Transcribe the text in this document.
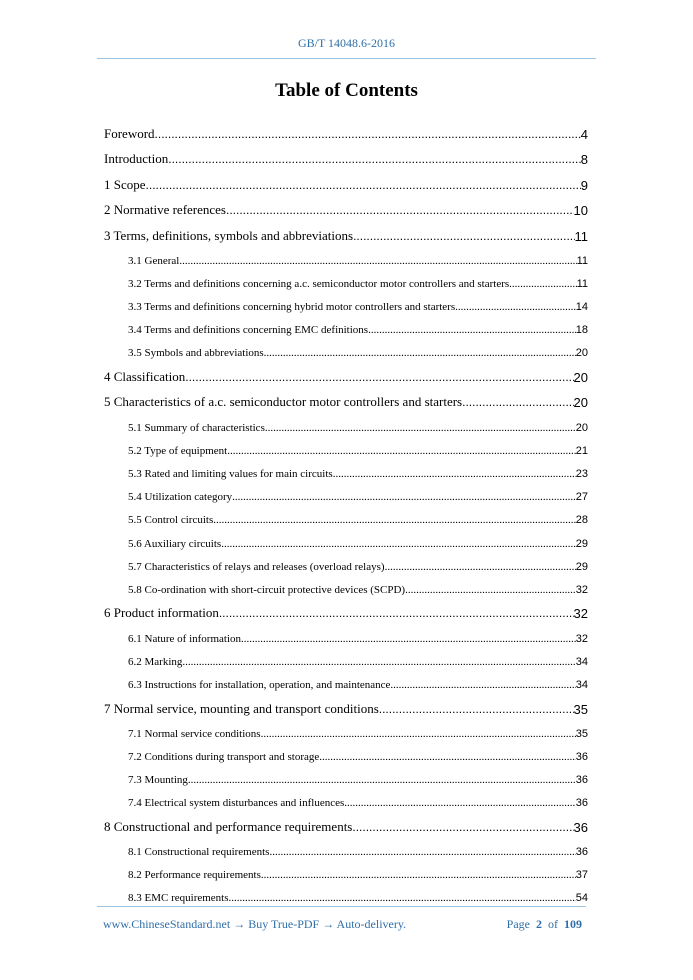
GB/T 14048.6-2016
Table of Contents
Foreword .....	4
Introduction .....	8
1 Scope .....	9
2 Normative references .....	10
3 Terms, definitions, symbols and abbreviations .....	11
3.1 General .....	11
3.2 Terms and definitions concerning a.c. semiconductor motor controllers and starters .....	11
3.3 Terms and definitions concerning hybrid motor controllers and starters .....	14
3.4 Terms and definitions concerning EMC definitions .....	18
3.5 Symbols and abbreviations .....	20
4 Classification .....	20
5 Characteristics of a.c. semiconductor motor controllers and starters .....	20
5.1 Summary of characteristics .....	20
5.2 Type of equipment .....	21
5.3 Rated and limiting values for main circuits .....	23
5.4 Utilization category .....	27
5.5 Control circuits .....	28
5.6 Auxiliary circuits .....	29
5.7 Characteristics of relays and releases (overload relays) .....	29
5.8 Co-ordination with short-circuit protective devices (SCPD) .....	32
6 Product information .....	32
6.1 Nature of information .....	32
6.2 Marking .....	34
6.3 Instructions for installation, operation, and maintenance .....	34
7 Normal service, mounting and transport conditions .....	35
7.1 Normal service conditions .....	35
7.2 Conditions during transport and storage .....	36
7.3 Mounting .....	36
7.4 Electrical system disturbances and influences .....	36
8 Constructional and performance requirements .....	36
8.1 Constructional requirements .....	36
8.2 Performance requirements .....	37
8.3 EMC requirements .....	54
www.ChineseStandard.net → Buy True-PDF → Auto-delivery.	Page 2 of 109
